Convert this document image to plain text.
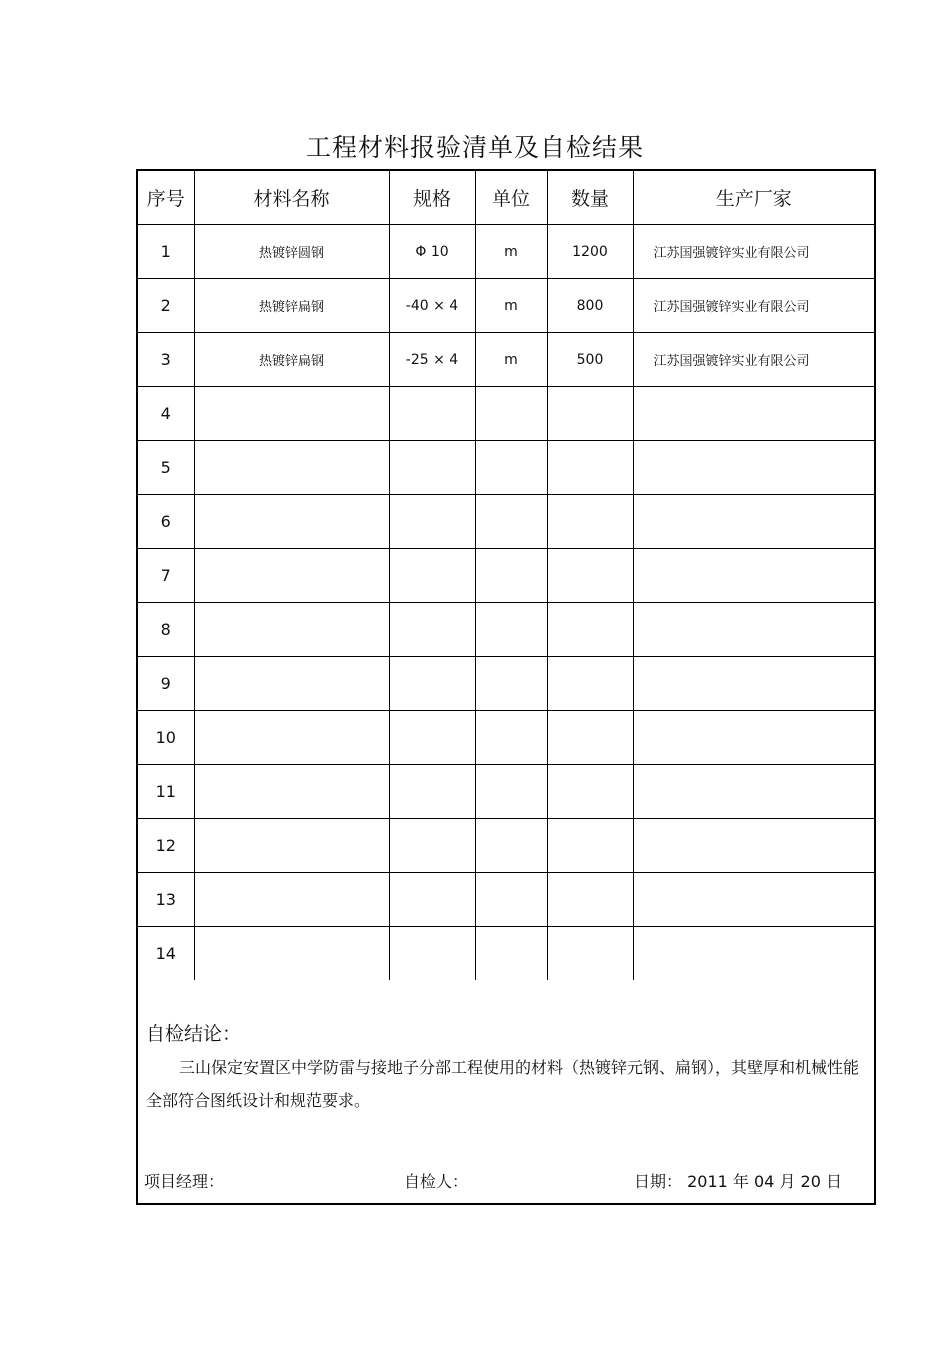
工程材料报验清单及自检结果
序号	材料名称	规格	单位	数量	生产厂家
1	热镀锌圆钢	Φ 10	m	1200	江苏国强镀锌实业有限公司
2	热镀锌扁钢	-40 × 4	m	800	江苏国强镀锌实业有限公司
3	热镀锌扁钢	-25 × 4	m	500	江苏国强镀锌实业有限公司
4					
5					
6					
7					
8					
9					
10					
11					
12					
13					
14					
自检结论：
三山保定安置区中学防雷与接地子分部工程使用的材料（热镀锌元钢、扁钢），其壁厚和机械性能全部符合图纸设计和规范要求。
项目经理：	自检人：	日期： 2011 年 04 月 20 日
